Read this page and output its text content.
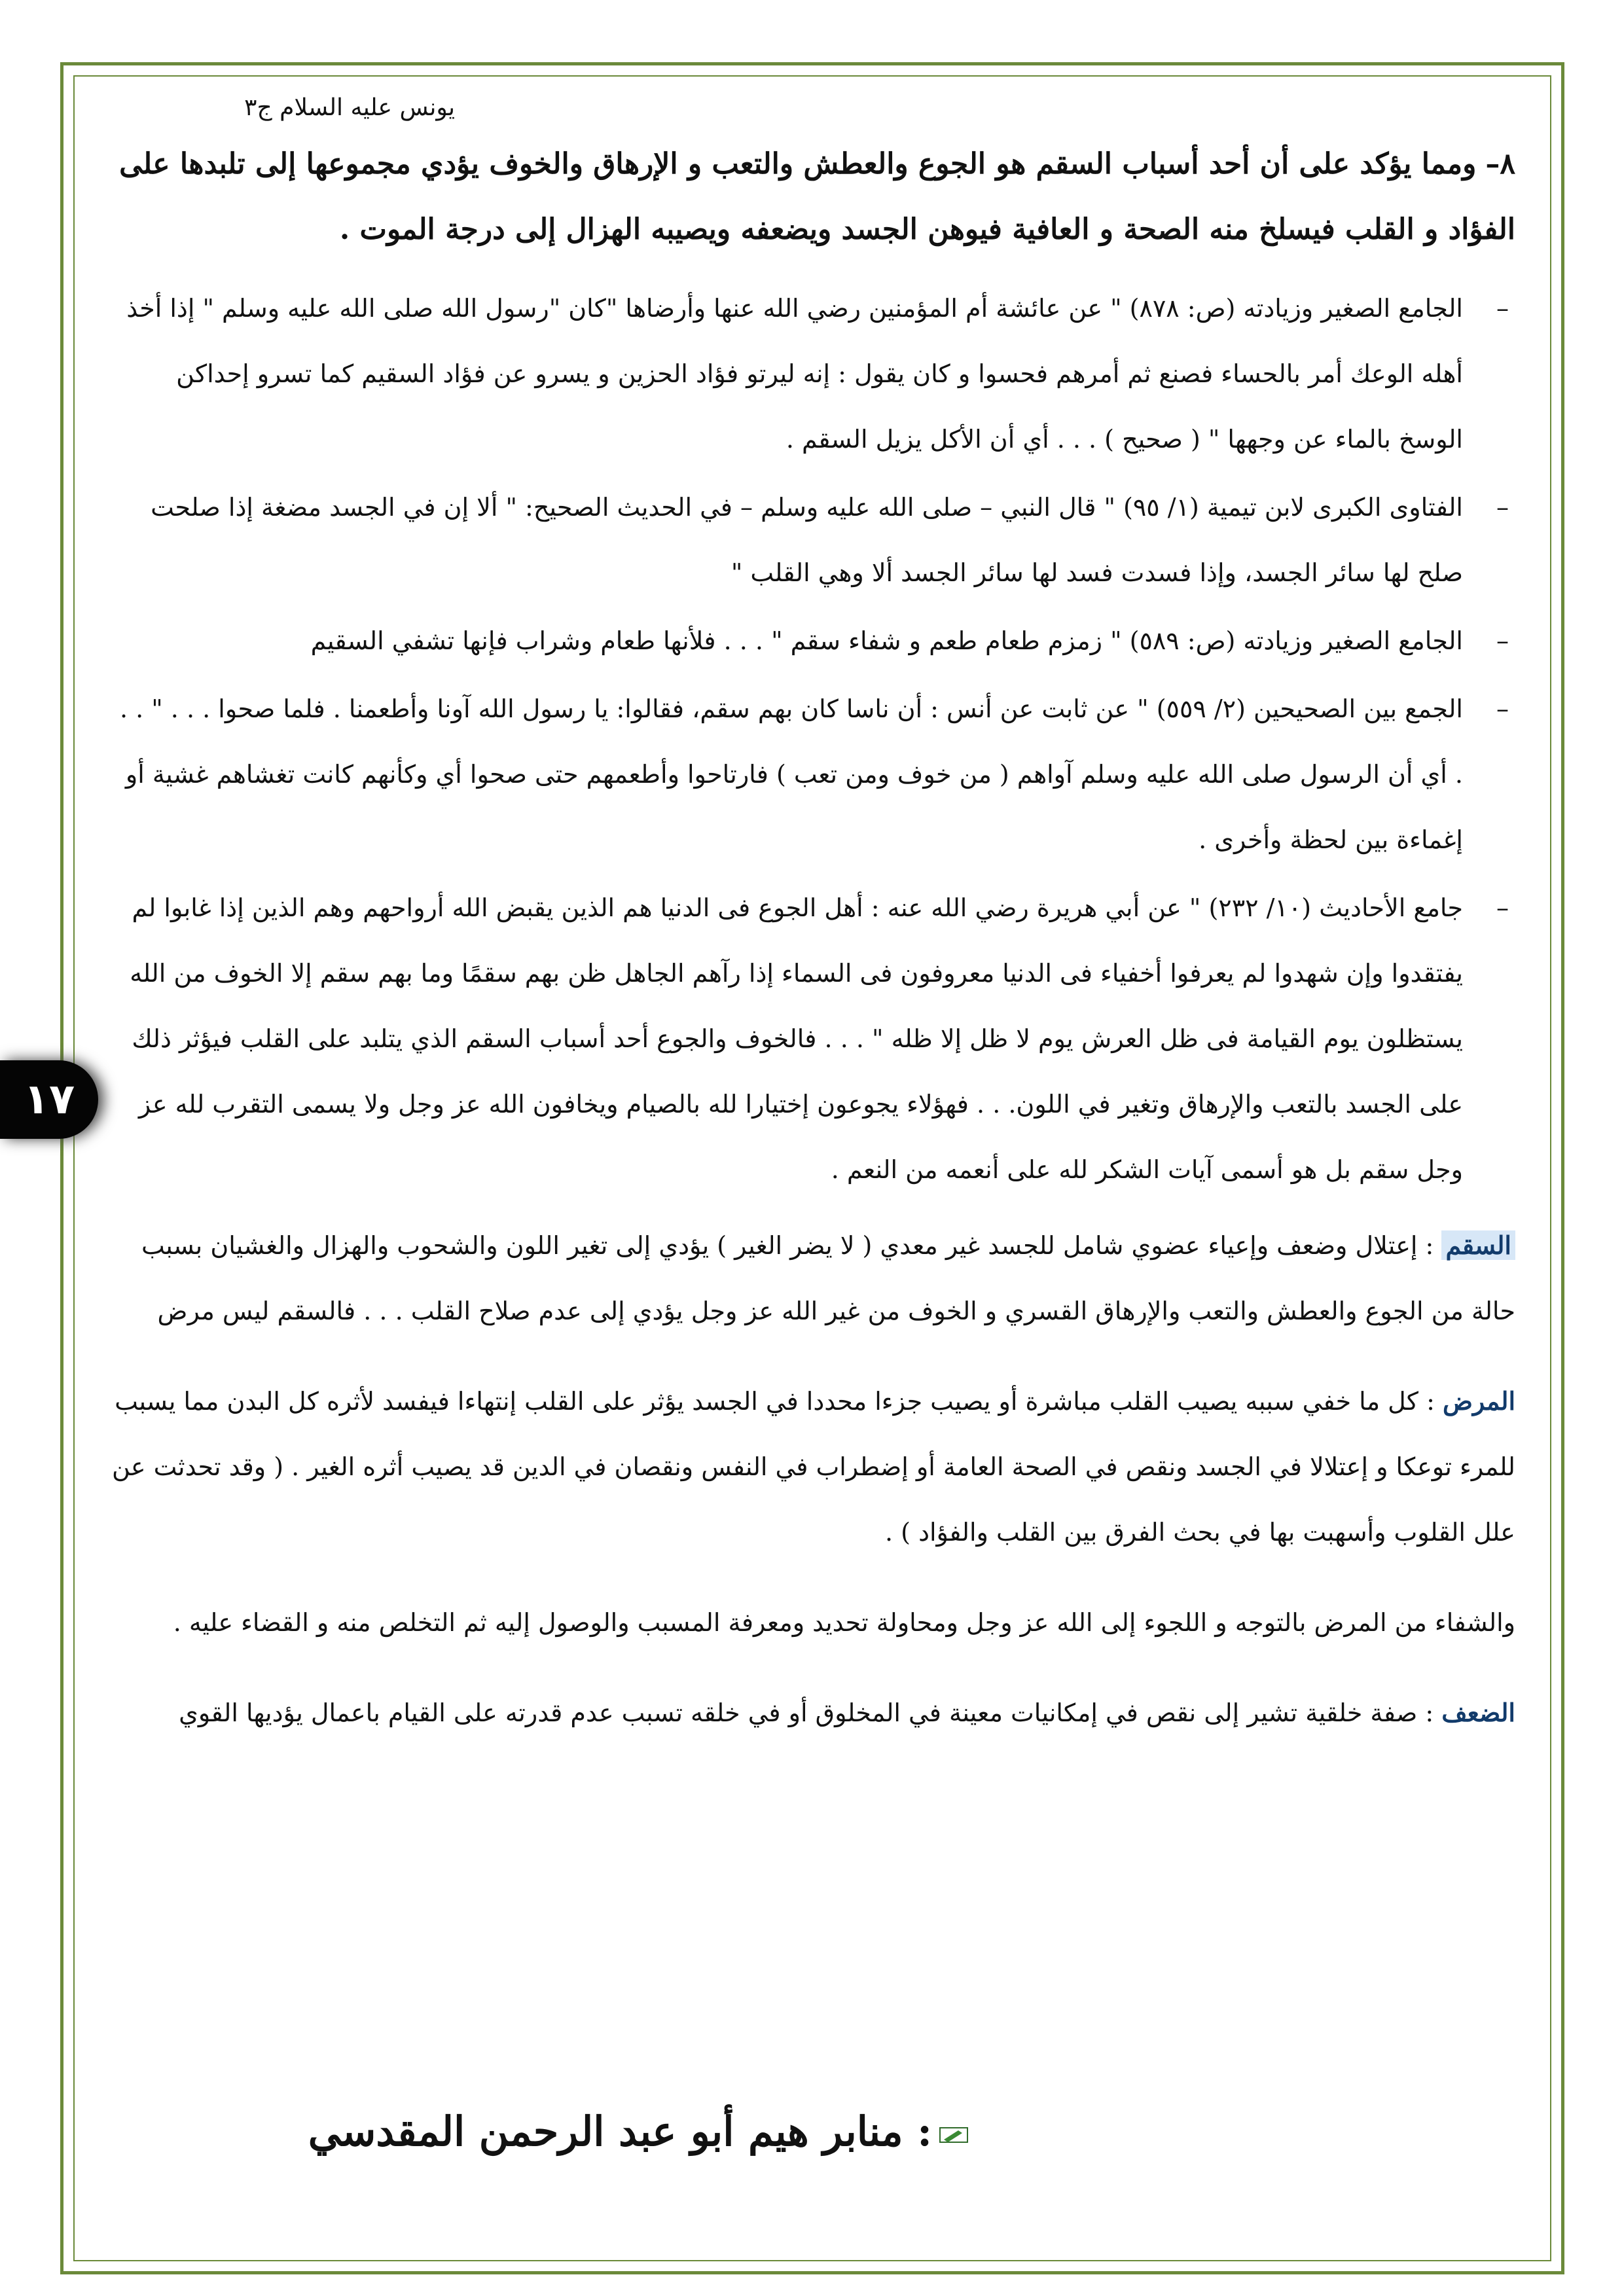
١٧
يونس عليه السلام ج٣

٨–ومما يؤكد على أن أحد أسباب السقم هو الجوع والعطش والتعب و الإرهاق والخوف يؤدي مجموعها إلى تلبدها على الفؤاد و القلب فيسلخ منه الصحة و العافية فيوهن الجسد ويضعفه ويصيبه الهزال إلى درجة الموت .

–
الجامع الصغير وزيادته (ص: ٨٧٨) " عن عائشة أم المؤمنين رضي الله عنها وأرضاها "كان "رسول الله صلى الله عليه وسلم " إذا أخذ أهله الوعك أمر بالحساء فصنع ثم أمرهم فحسوا و كان يقول : إنه ليرتو فؤاد الحزين و يسرو عن فؤاد السقيم كما تسرو إحداكن الوسخ بالماء عن وجهها " ( صحيح ) . . . أي أن الأكل يزيل السقم .
–
الفتاوى الكبرى لابن تيمية (١/ ٩٥) " قال النبي – صلى الله عليه وسلم – في الحديث الصحيح: " ألا إن في الجسد مضغة إذا صلحت صلح لها سائر الجسد، وإذا فسدت فسد لها سائر الجسد ألا وهي القلب "
–
الجامع الصغير وزيادته (ص: ٥٨٩) " زمزم طعام طعم و شفاء سقم " . . . فلأنها طعام وشراب فإنها تشفي السقيم
–
الجمع بين الصحيحين (٢/ ٥٥٩) " عن ثابت عن أنس : أن ناسا كان بهم سقم، فقالوا: يا رسول الله آونا وأطعمنا . فلما صحوا . . . " . . . أي أن الرسول صلى الله عليه وسلم آواهم ( من خوف ومن تعب ) فارتاحوا وأطعمهم حتى صحوا أي وكأنهم كانت تغشاهم غشية أو إغماءة بين لحظة وأخرى .
–
جامع الأحاديث (١٠/ ٢٣٢) " عن أبي هريرة رضي الله عنه : أهل الجوع فى الدنيا هم الذين يقبض الله أرواحهم وهم الذين إذا غابوا لم يفتقدوا وإن شهدوا لم يعرفوا أخفياء فى الدنيا معروفون فى السماء إذا رآهم الجاهل ظن بهم سقمًا وما بهم سقم إلا الخوف من الله يستظلون يوم القيامة فى ظل العرش يوم لا ظل إلا ظله " . . . فالخوف والجوع أحد أسباب السقم الذي يتلبد على القلب فيؤثر ذلك على الجسد بالتعب والإرهاق وتغير في اللون. . . فهؤلاء يجوعون إختيارا لله بالصيام ويخافون الله عز وجل ولا يسمى التقرب لله عز وجل سقم بل هو أسمى آيات الشكر لله على أنعمه من النعم .

السقم : إعتلال وضعف وإعياء عضوي شامل للجسد غير معدي ( لا يضر الغير ) يؤدي إلى تغير اللون والشحوب والهزال والغشيان بسبب حالة من الجوع والعطش والتعب والإرهاق القسري و الخوف من غير الله عز وجل يؤدي إلى عدم صلاح القلب . . . فالسقم ليس مرض

المرض : كل ما خفي سببه يصيب القلب مباشرة أو يصيب جزءا محددا في الجسد يؤثر على القلب إنتهاءا فيفسد لأثره كل البدن مما يسبب للمرء توعكا و إعتلالا في الجسد ونقص في الصحة العامة أو إضطراب في النفس ونقصان في الدين قد يصيب أثره الغير . ( وقد تحدثت عن علل القلوب وأسهبت بها في بحث الفرق بين القلب والفؤاد ) .

والشفاء من المرض بالتوجه و اللجوء إلى الله عز وجل ومحاولة تحديد ومعرفة المسبب والوصول إليه ثم التخلص منه و القضاء عليه .

الضعف : صفة خلقية تشير إلى نقص في إمكانيات معينة في المخلوق أو في خلقه تسبب عدم قدرته على القيام باعمال يؤديها القوي

: منابر هيم أبو عبد الرحمن المقدسي
